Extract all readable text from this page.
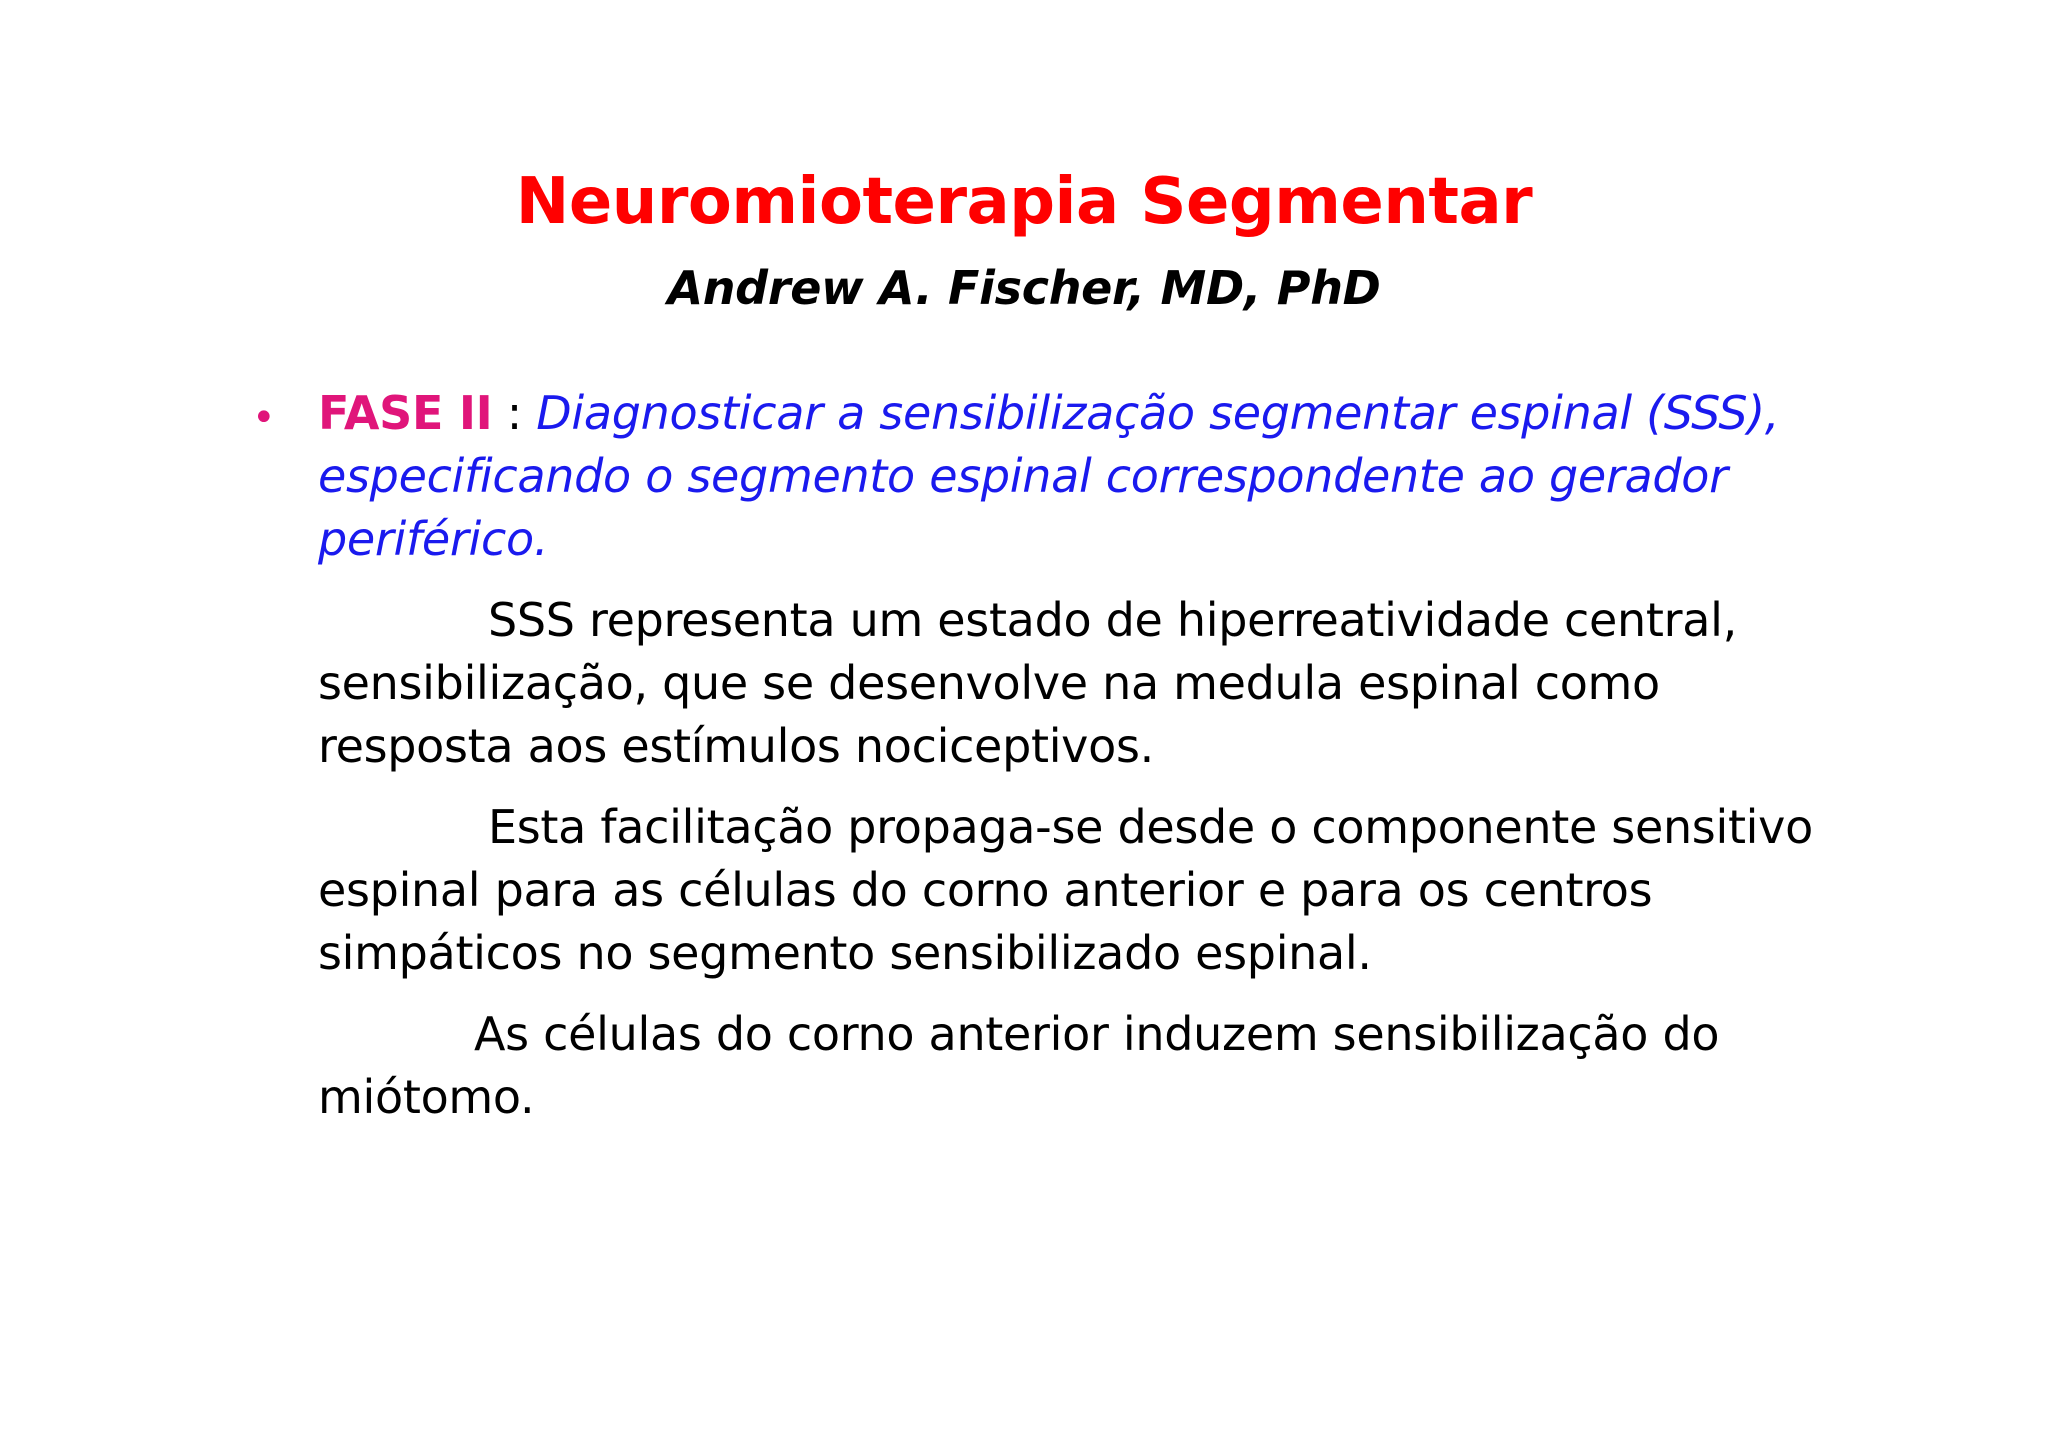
Neuromioterapia Segmentar
Andrew A. Fischer, MD, PhD
• FASE II : Diagnosticar a sensibilização segmentar espinal (SSS), especificando o segmento espinal correspondente ao gerador periférico.
SSS representa um estado de hiperreatividade central, sensibilização, que se desenvolve na medula espinal como resposta aos estímulos nociceptivos.
Esta facilitação propaga-se desde o componente sensitivo espinal para as células do corno anterior e para os centros simpáticos no segmento sensibilizado espinal.
As células do corno anterior induzem sensibilização do miótomo.
